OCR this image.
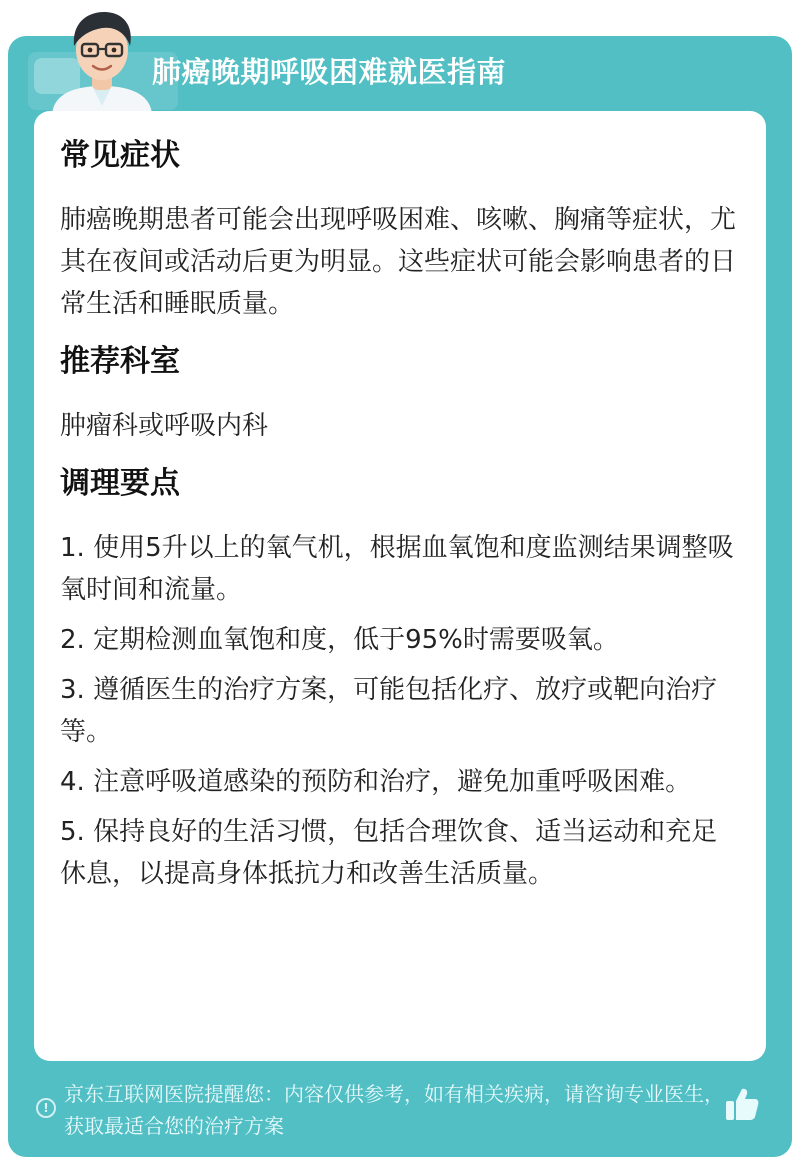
肺癌晚期呼吸困难就医指南
常见症状
肺癌晚期患者可能会出现呼吸困难、咳嗽、胸痛等症状，尤其在夜间或活动后更为明显。这些症状可能会影响患者的日常生活和睡眠质量。
推荐科室
肿瘤科或呼吸内科
调理要点
1. 使用5升以上的氧气机，根据血氧饱和度监测结果调整吸氧时间和流量。
2. 定期检测血氧饱和度，低于95%时需要吸氧。
3. 遵循医生的治疗方案，可能包括化疗、放疗或靶向治疗等。
4. 注意呼吸道感染的预防和治疗，避免加重呼吸困难。
5. 保持良好的生活习惯，包括合理饮食、适当运动和充足休息，以提高身体抵抗力和改善生活质量。
!
京东互联网医院提醒您：内容仅供参考，如有相关疾病，请咨询专业医生，获取最适合您的治疗方案
